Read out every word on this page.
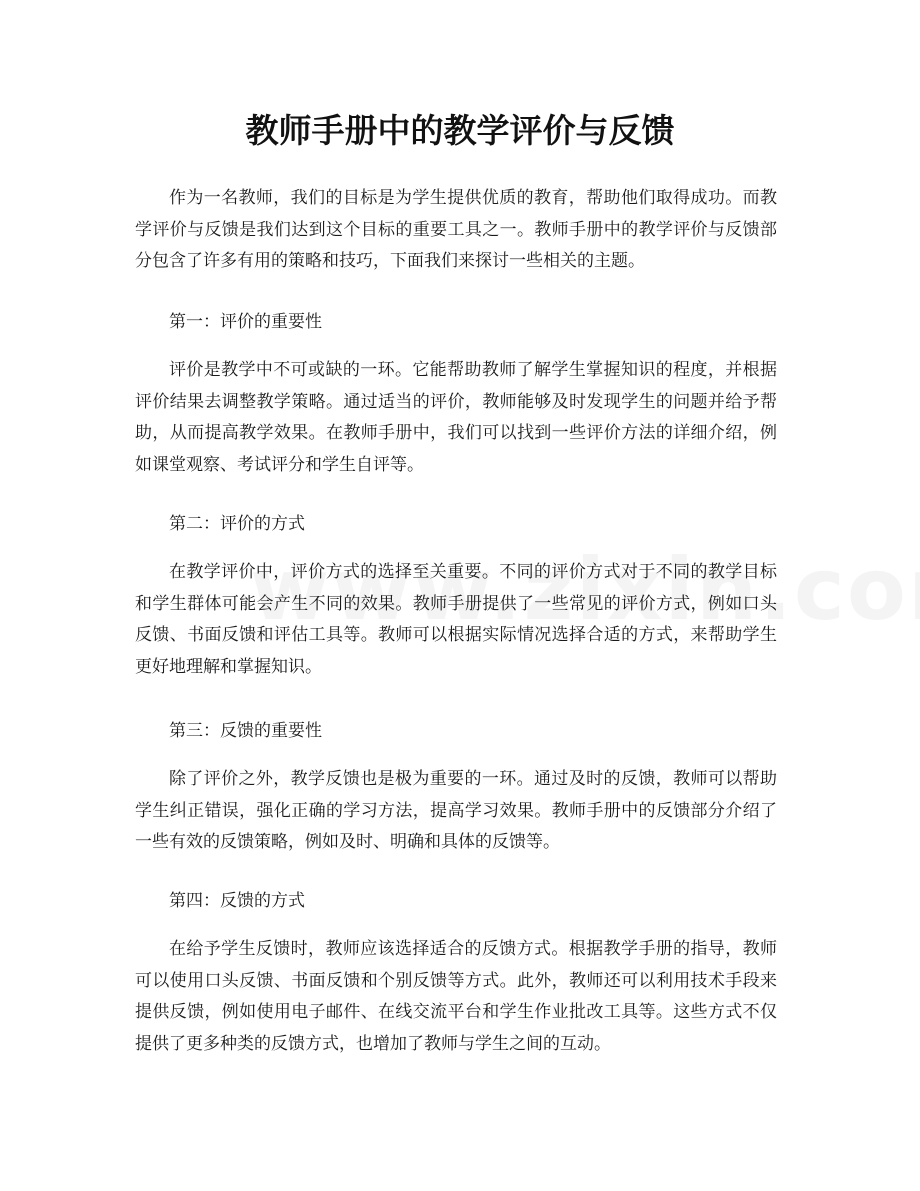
教师手册中的教学评价与反馈

作为一名教师，我们的目标是为学生提供优质的教育，帮助他们取得成功。而教学评价与反馈是我们达到这个目标的重要工具之一。教师手册中的教学评价与反馈部分包含了许多有用的策略和技巧，下面我们来探讨一些相关的主题。

第一：评价的重要性

评价是教学中不可或缺的一环。它能帮助教师了解学生掌握知识的程度，并根据评价结果去调整教学策略。通过适当的评价，教师能够及时发现学生的问题并给予帮助，从而提高教学效果。在教师手册中，我们可以找到一些评价方法的详细介绍，例如课堂观察、考试评分和学生自评等。

第二：评价的方式

在教学评价中，评价方式的选择至关重要。不同的评价方式对于不同的教学目标和学生群体可能会产生不同的效果。教师手册提供了一些常见的评价方式，例如口头反馈、书面反馈和评估工具等。教师可以根据实际情况选择合适的方式，来帮助学生更好地理解和掌握知识。

第三：反馈的重要性

除了评价之外，教学反馈也是极为重要的一环。通过及时的反馈，教师可以帮助学生纠正错误，强化正确的学习方法，提高学习效果。教师手册中的反馈部分介绍了一些有效的反馈策略，例如及时、明确和具体的反馈等。

第四：反馈的方式

在给予学生反馈时，教师应该选择适合的反馈方式。根据教学手册的指导，教师可以使用口头反馈、书面反馈和个别反馈等方式。此外，教师还可以利用技术手段来提供反馈，例如使用电子邮件、在线交流平台和学生作业批改工具等。这些方式不仅提供了更多种类的反馈方式，也增加了教师与学生之间的互动。
